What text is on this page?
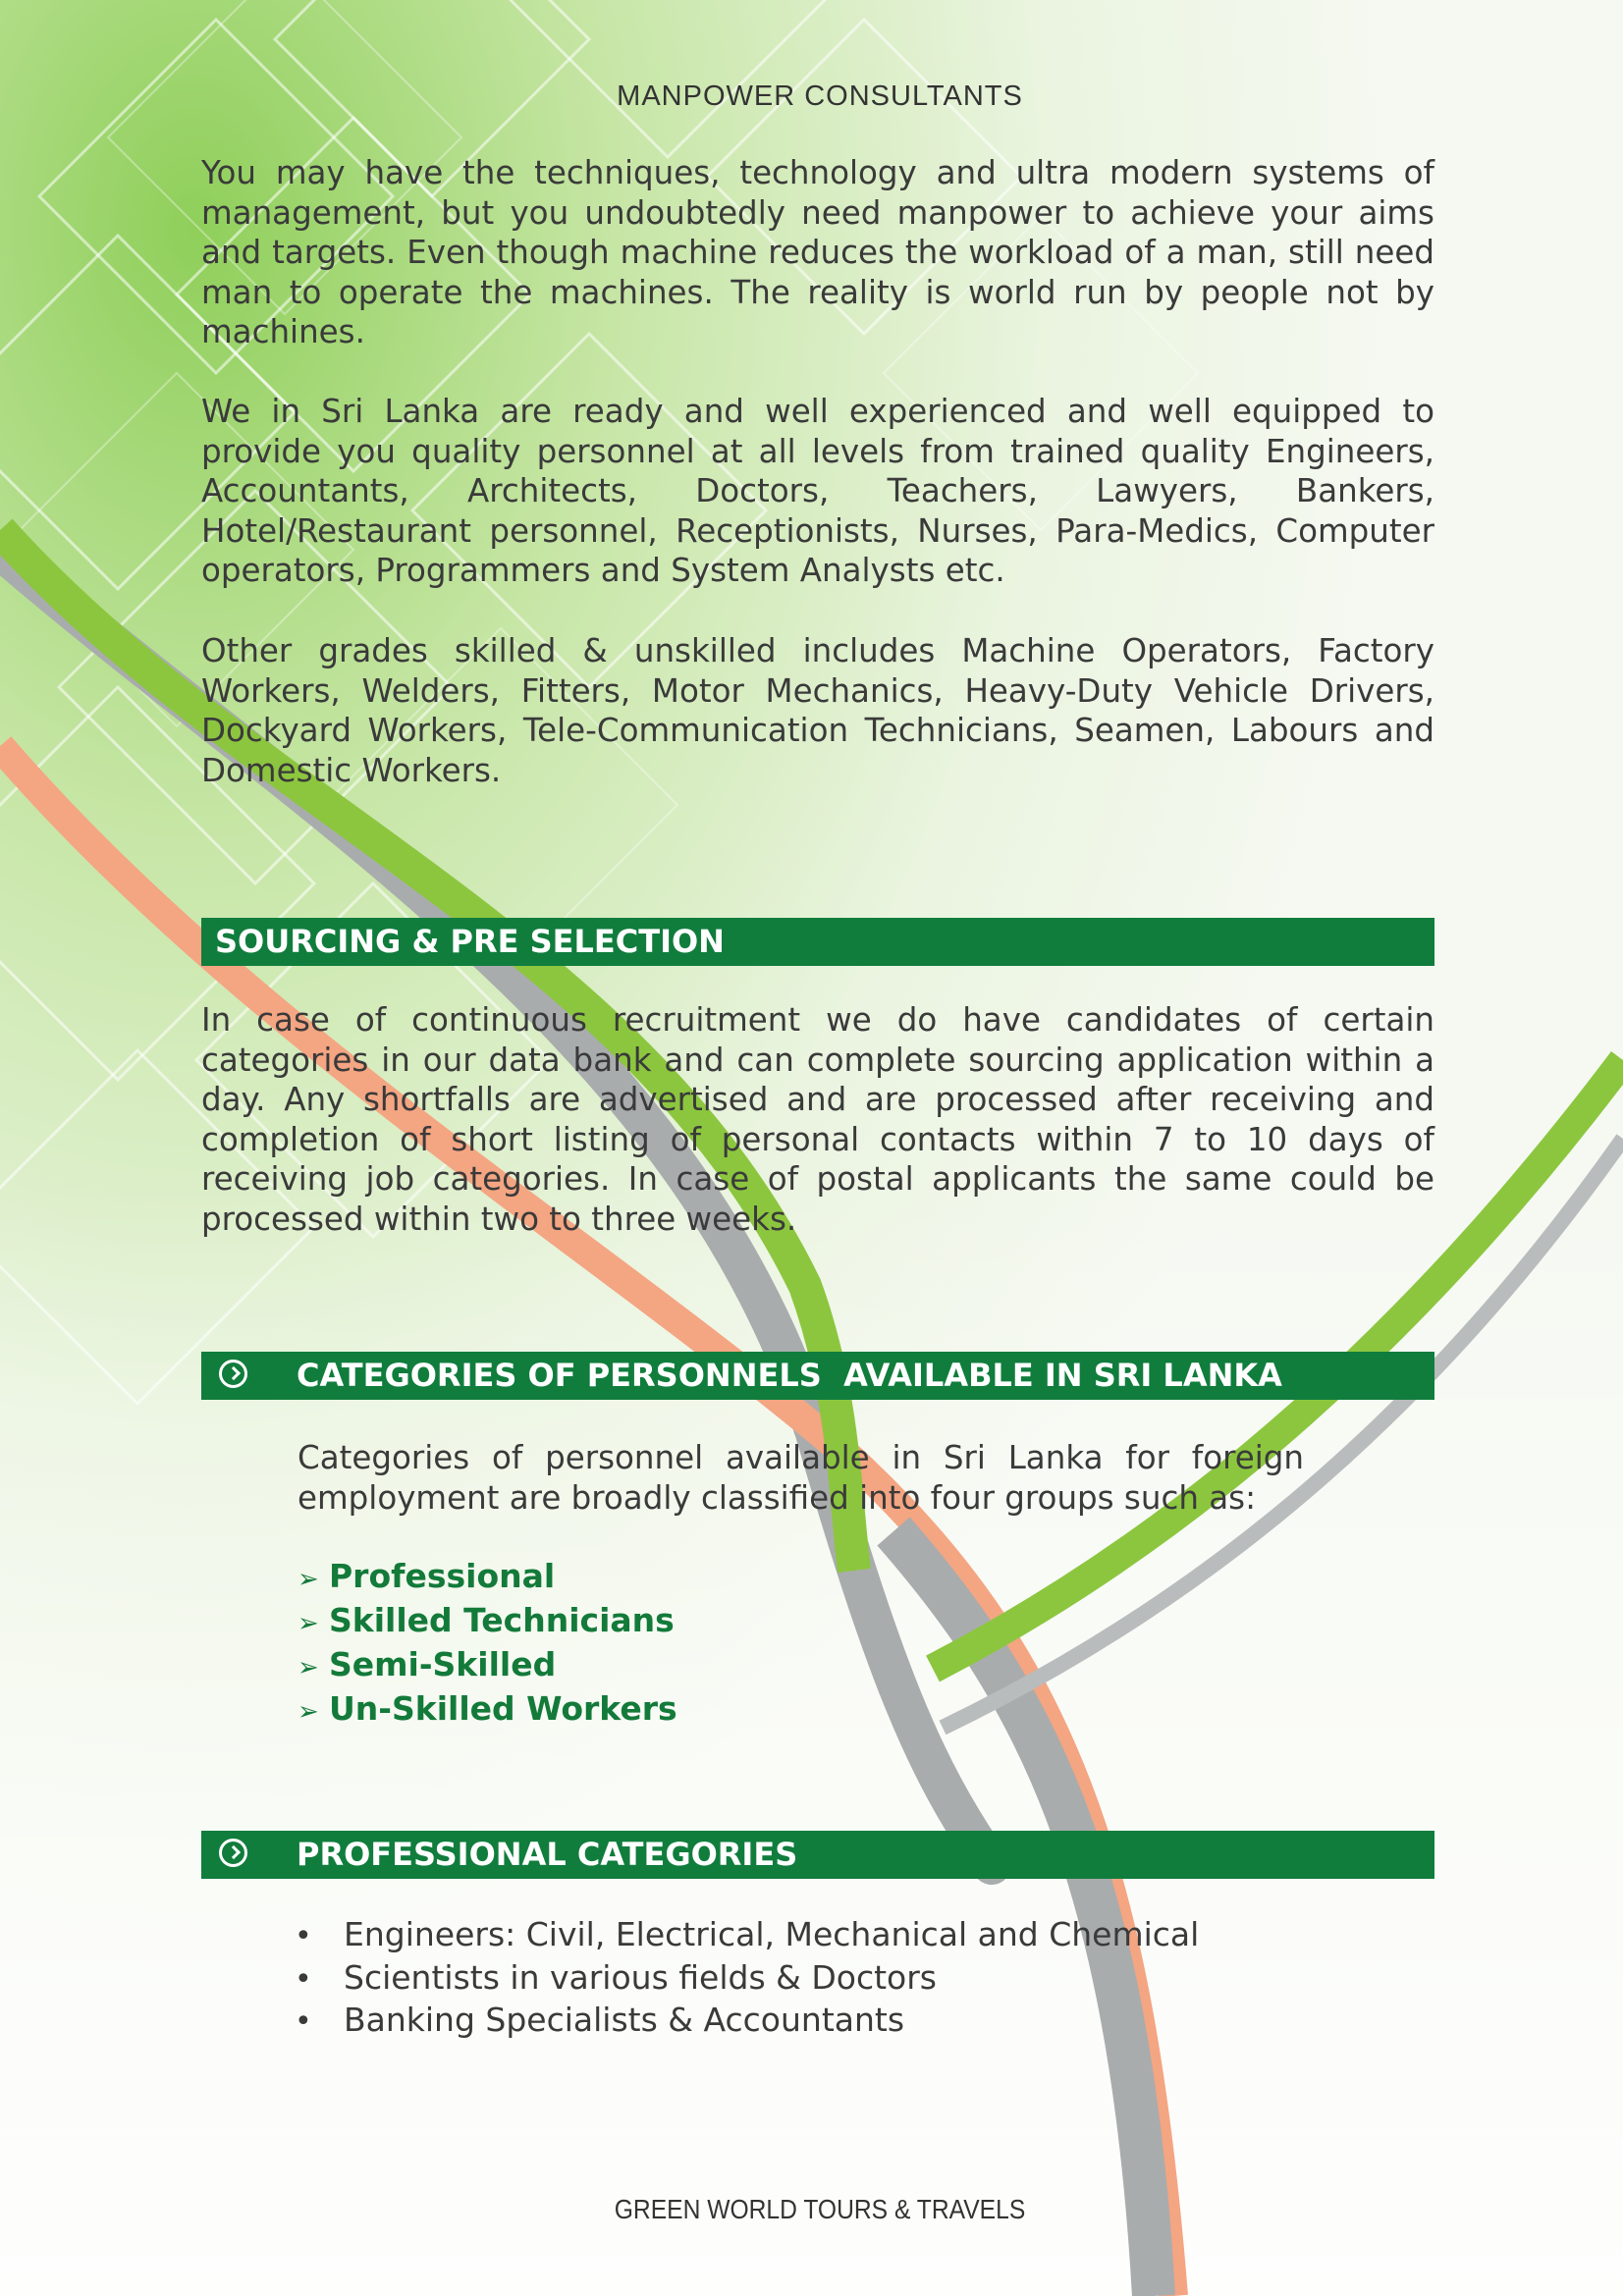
MANPOWER CONSULTANTS

You may have the techniques, technology and ultra modern systems of management, but you undoubtedly need manpower to achieve your aims and targets. Even though machine reduces the workload of a man, still need man to operate the machines. The reality is world run by people not by machines.

We in Sri Lanka are ready and well experienced and well equipped to provide you quality personnel at all levels from trained quality Engineers, Accountants, Architects, Doctors, Teachers, Lawyers, Bankers, Hotel/Restaurant personnel, Receptionists, Nurses, Para-Medics, Computer operators, Programmers and System Analysts etc.

Other grades skilled & unskilled includes Machine Operators, Factory Workers, Welders, Fitters, Motor Mechanics, Heavy-Duty Vehicle Drivers, Dockyard Workers, Tele-Communication Technicians, Seamen, Labours and Domestic Workers.

SOURCING & PRE SELECTION

In case of continuous recruitment we do have candidates of certain categories in our data bank and can complete sourcing application within a day. Any shortfalls are advertised and are processed after receiving and completion of short listing of personal contacts within 7 to 10 days of receiving job categories. In case of postal applicants the same could be processed within two to three weeks.

CATEGORIES OF PERSONNELS  AVAILABLE IN SRI LANKA

Categories of personnel available in Sri Lanka for foreign employment are broadly classified into four groups such as:

➢ Professional
➢ Skilled Technicians
➢ Semi-Skilled
➢ Un-Skilled Workers
PROFESSIONAL CATEGORIES
• Engineers: Civil, Electrical, Mechanical and Chemical
• Scientists in various fields & Doctors
• Banking Specialists & Accountants
GREEN WORLD TOURS & TRAVELS
